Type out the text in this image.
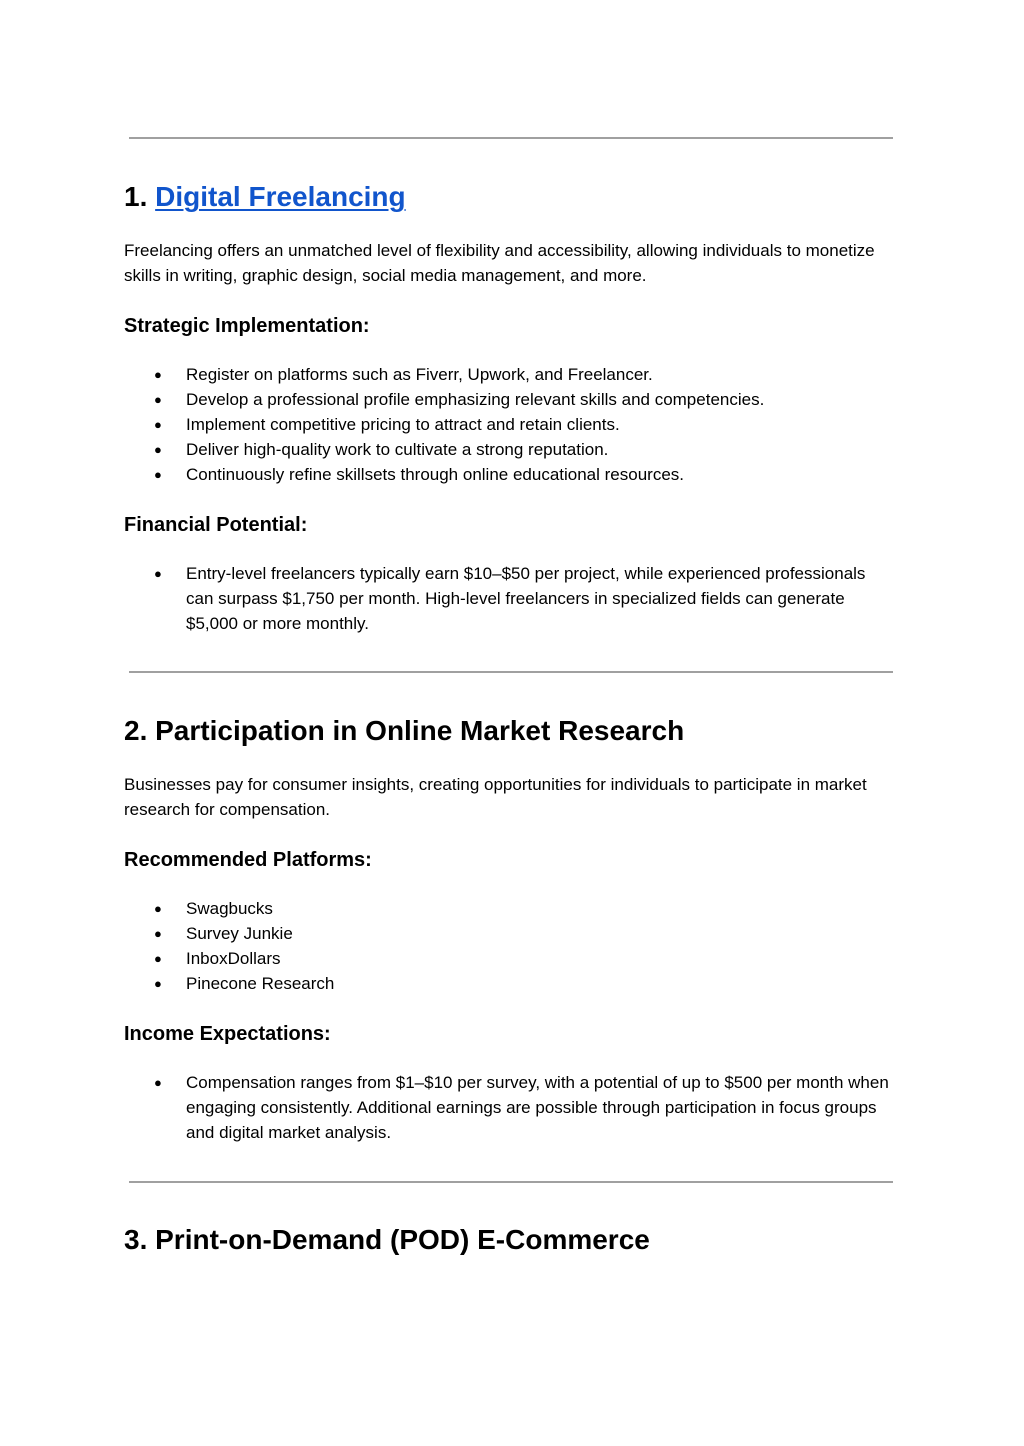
1. Digital Freelancing

Freelancing offers an unmatched level of flexibility and accessibility, allowing individuals to monetize skills in writing, graphic design, social media management, and more.

Strategic Implementation:
● Register on platforms such as Fiverr, Upwork, and Freelancer.
● Develop a professional profile emphasizing relevant skills and competencies.
● Implement competitive pricing to attract and retain clients.
● Deliver high-quality work to cultivate a strong reputation.
● Continuously refine skillsets through online educational resources.
Financial Potential:
● Entry-level freelancers typically earn $10–$50 per project, while experienced professionals can surpass $1,750 per month. High-level freelancers in specialized fields can generate $5,000 or more monthly.
2. Participation in Online Market Research

Businesses pay for consumer insights, creating opportunities for individuals to participate in market research for compensation.

Recommended Platforms:
● Swagbucks
● Survey Junkie
● InboxDollars
● Pinecone Research
Income Expectations:
● Compensation ranges from $1–$10 per survey, with a potential of up to $500 per month when engaging consistently. Additional earnings are possible through participation in focus groups and digital market analysis.
3. Print-on-Demand (POD) E-Commerce
